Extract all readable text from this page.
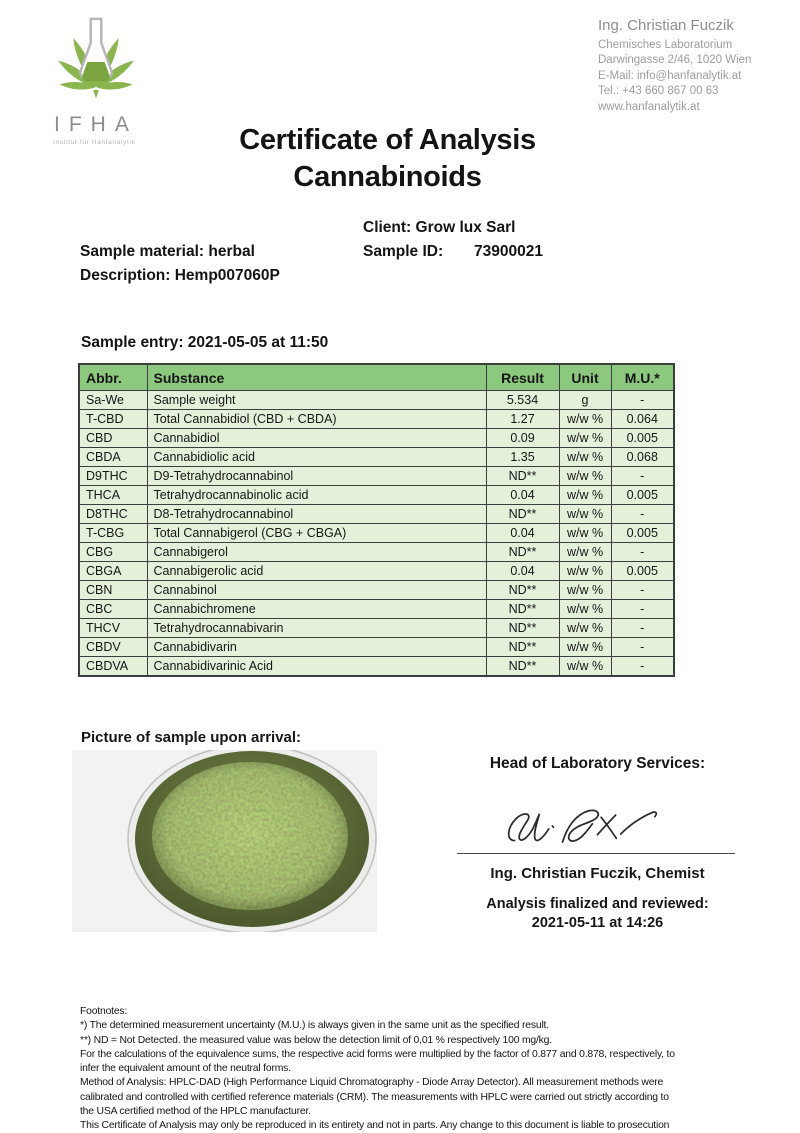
IFHA
Institut für Hanfanalytik
Ing. Christian Fuczik
Chemisches Laboratorium
Darwingasse 2/46, 1020 Wien
E-Mail: info@hanfanalytik.at
Tel.: +43 660 867 00 63
www.hanfanalytik.at
Certificate of Analysis
Cannabinoids
Client: Grow lux Sarl
Sample material: herbal	Sample ID: 73900021
Description: Hemp007060P
Sample entry: 2021-05-05 at 11:50
Abbr.	Substance	Result	Unit	M.U.*
Sa-We	Sample weight	5.534	g	-
T-CBD	Total Cannabidiol (CBD + CBDA)	1.27	w/w %	0.064
CBD	Cannabidiol	0.09	w/w %	0.005
CBDA	Cannabidiolic acid	1.35	w/w %	0.068
D9THC	D9-Tetrahydrocannabinol	ND**	w/w %	-
THCA	Tetrahydrocannabinolic acid	0.04	w/w %	0.005
D8THC	D8-Tetrahydrocannabinol	ND**	w/w %	-
T-CBG	Total Cannabigerol (CBG + CBGA)	0.04	w/w %	0.005
CBG	Cannabigerol	ND**	w/w %	-
CBGA	Cannabigerolic acid	0.04	w/w %	0.005
CBN	Cannabinol	ND**	w/w %	-
CBC	Cannabichromene	ND**	w/w %	-
THCV	Tetrahydrocannabivarin	ND**	w/w %	-
CBDV	Cannabidivarin	ND**	w/w %	-
CBDVA	Cannabidivarinic Acid	ND**	w/w %	-
Picture of sample upon arrival:
Head of Laboratory Services:
Ing. Christian Fuczik, Chemist
Analysis finalized and reviewed:
2021-05-11 at 14:26
Footnotes:
*) The determined measurement uncertainty (M.U.) is always given in the same unit as the specified result.
**) ND = Not Detected. the measured value was below the detection limit of 0,01 % respectively 100 mg/kg.
For the calculations of the equivalence sums, the respective acid forms were multiplied by the factor of 0.877 and 0.878, respectively, to
infer the equivalent amount of the neutral forms.
Method of Analysis: HPLC-DAD (High Performance Liquid Chromatography - Diode Array Detector). All measurement methods were
calibrated and controlled with certified reference materials (CRM). The measurements with HPLC were carried out strictly according to
the USA certified method of the HPLC manufacturer.
This Certificate of Analysis may only be reproduced in its entirety and not in parts. Any change to this document is liable to prosecution
